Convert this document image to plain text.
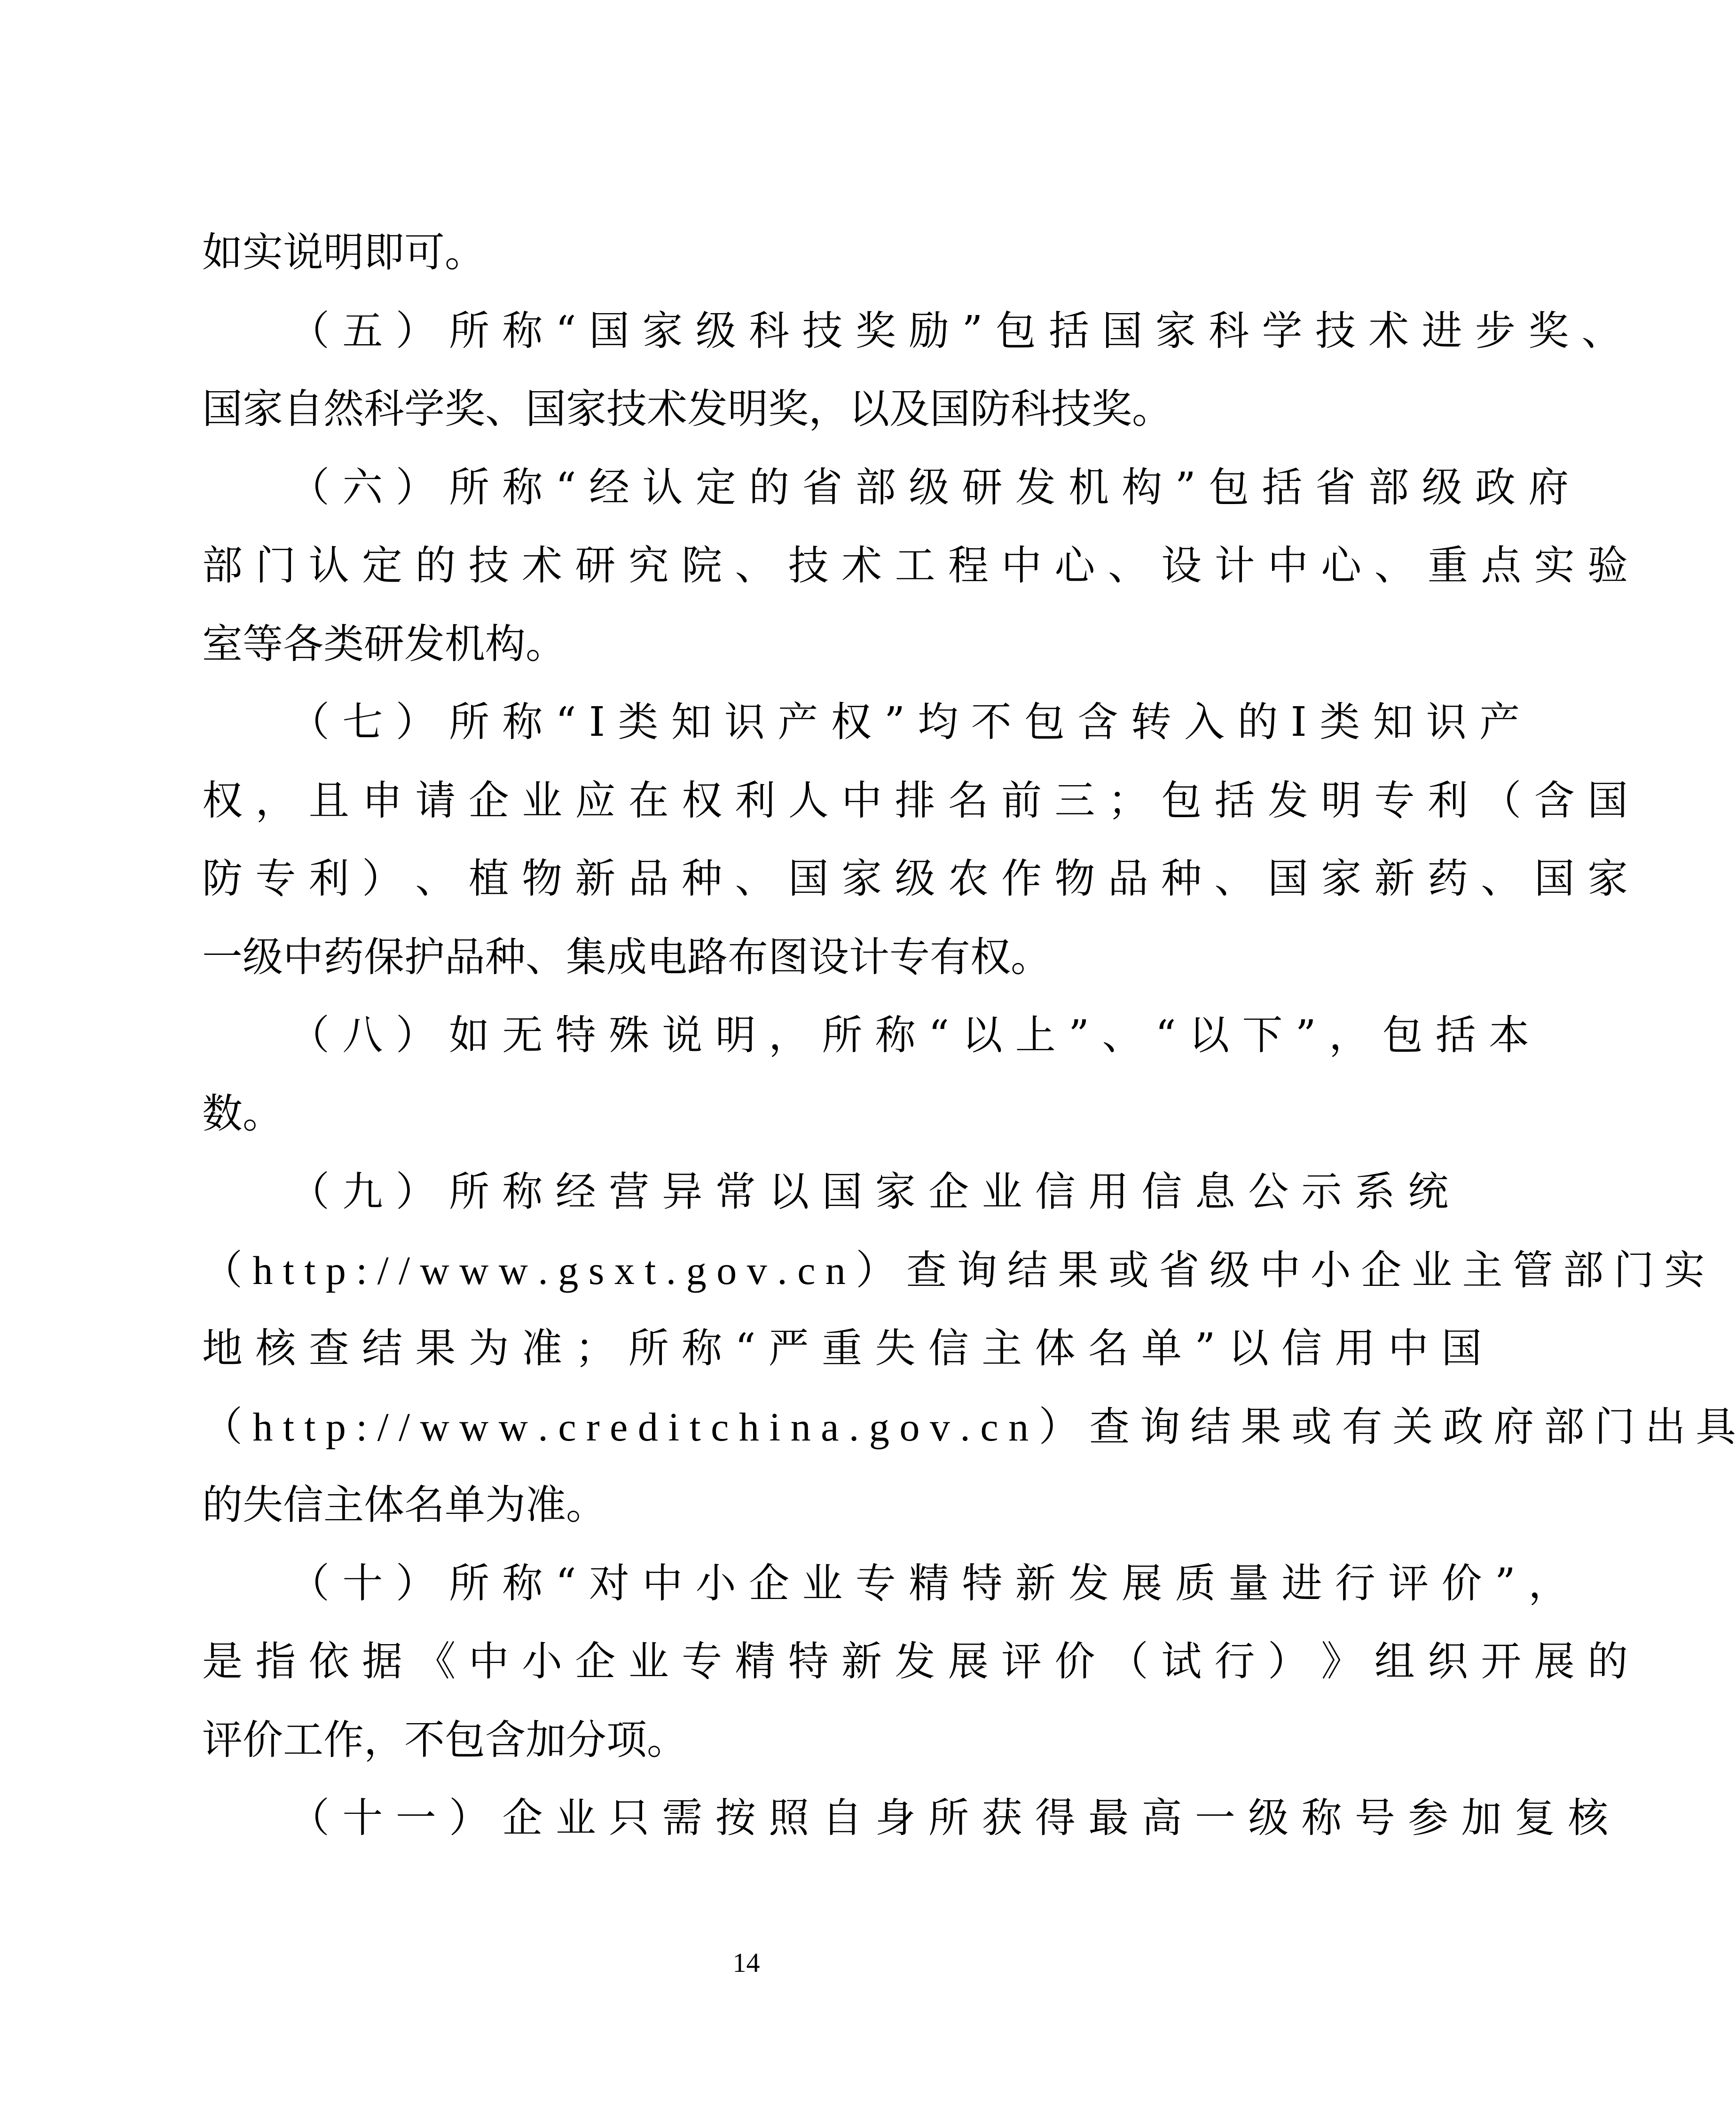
如实说明即可。
（ 五 ） 所 称 “ 国 家 级 科 技 奖 励 ” 包 括 国 家 科 学 技 术 进 步 奖 、
国家自然科学奖、国家技术发明奖，以及国防科技奖。
（ 六 ） 所 称 “ 经 认 定 的 省 部 级 研 发 机 构 ” 包 括 省 部 级 政 府
部 门 认 定 的 技 术 研 究 院 、 技 术 工 程 中 心 、 设 计 中 心 、 重 点 实 验
室等各类研发机构。
（ 七 ） 所 称 “ Ⅰ 类 知 识 产 权 ” 均 不 包 含 转 入 的 Ⅰ 类 知 识 产
权 ， 且 申 请 企 业 应 在 权 利 人 中 排 名 前 三 ； 包 括 发 明 专 利 （ 含 国
防 专 利 ） 、 植 物 新 品 种 、 国 家 级 农 作 物 品 种 、 国 家 新 药 、 国 家
一级中药保护品种、集成电路布图设计专有权。
（ 八 ） 如 无 特 殊 说 明 ， 所 称 “ 以 上 ” 、 “ 以 下 ” ， 包 括 本
数。
（ 九 ） 所 称 经 营 异 常 以 国 家 企 业 信 用 信 息 公 示 系 统
（ h t t p : / / w w w . g s x t . g o v . c n ） 查 询 结 果 或 省 级 中 小 企 业 主 管 部 门 实
地 核 查 结 果 为 准 ； 所 称 “ 严 重 失 信 主 体 名 单 ” 以 信 用 中 国
（ h t t p : / / w w w . c r e d i t c h i n a . g o v . c n ） 查 询 结 果 或 有 关 政 府 部 门 出 具
的失信主体名单为准。
（ 十 ） 所 称 “ 对 中 小 企 业 专 精 特 新 发 展 质 量 进 行 评 价 ” ，
是 指 依 据 《 中 小 企 业 专 精 特 新 发 展 评 价 （ 试 行 ） 》 组 织 开 展 的
评价工作，不包含加分项。
（ 十 一 ） 企 业 只 需 按 照 自 身 所 获 得 最 高 一 级 称 号 参 加 复 核
14
